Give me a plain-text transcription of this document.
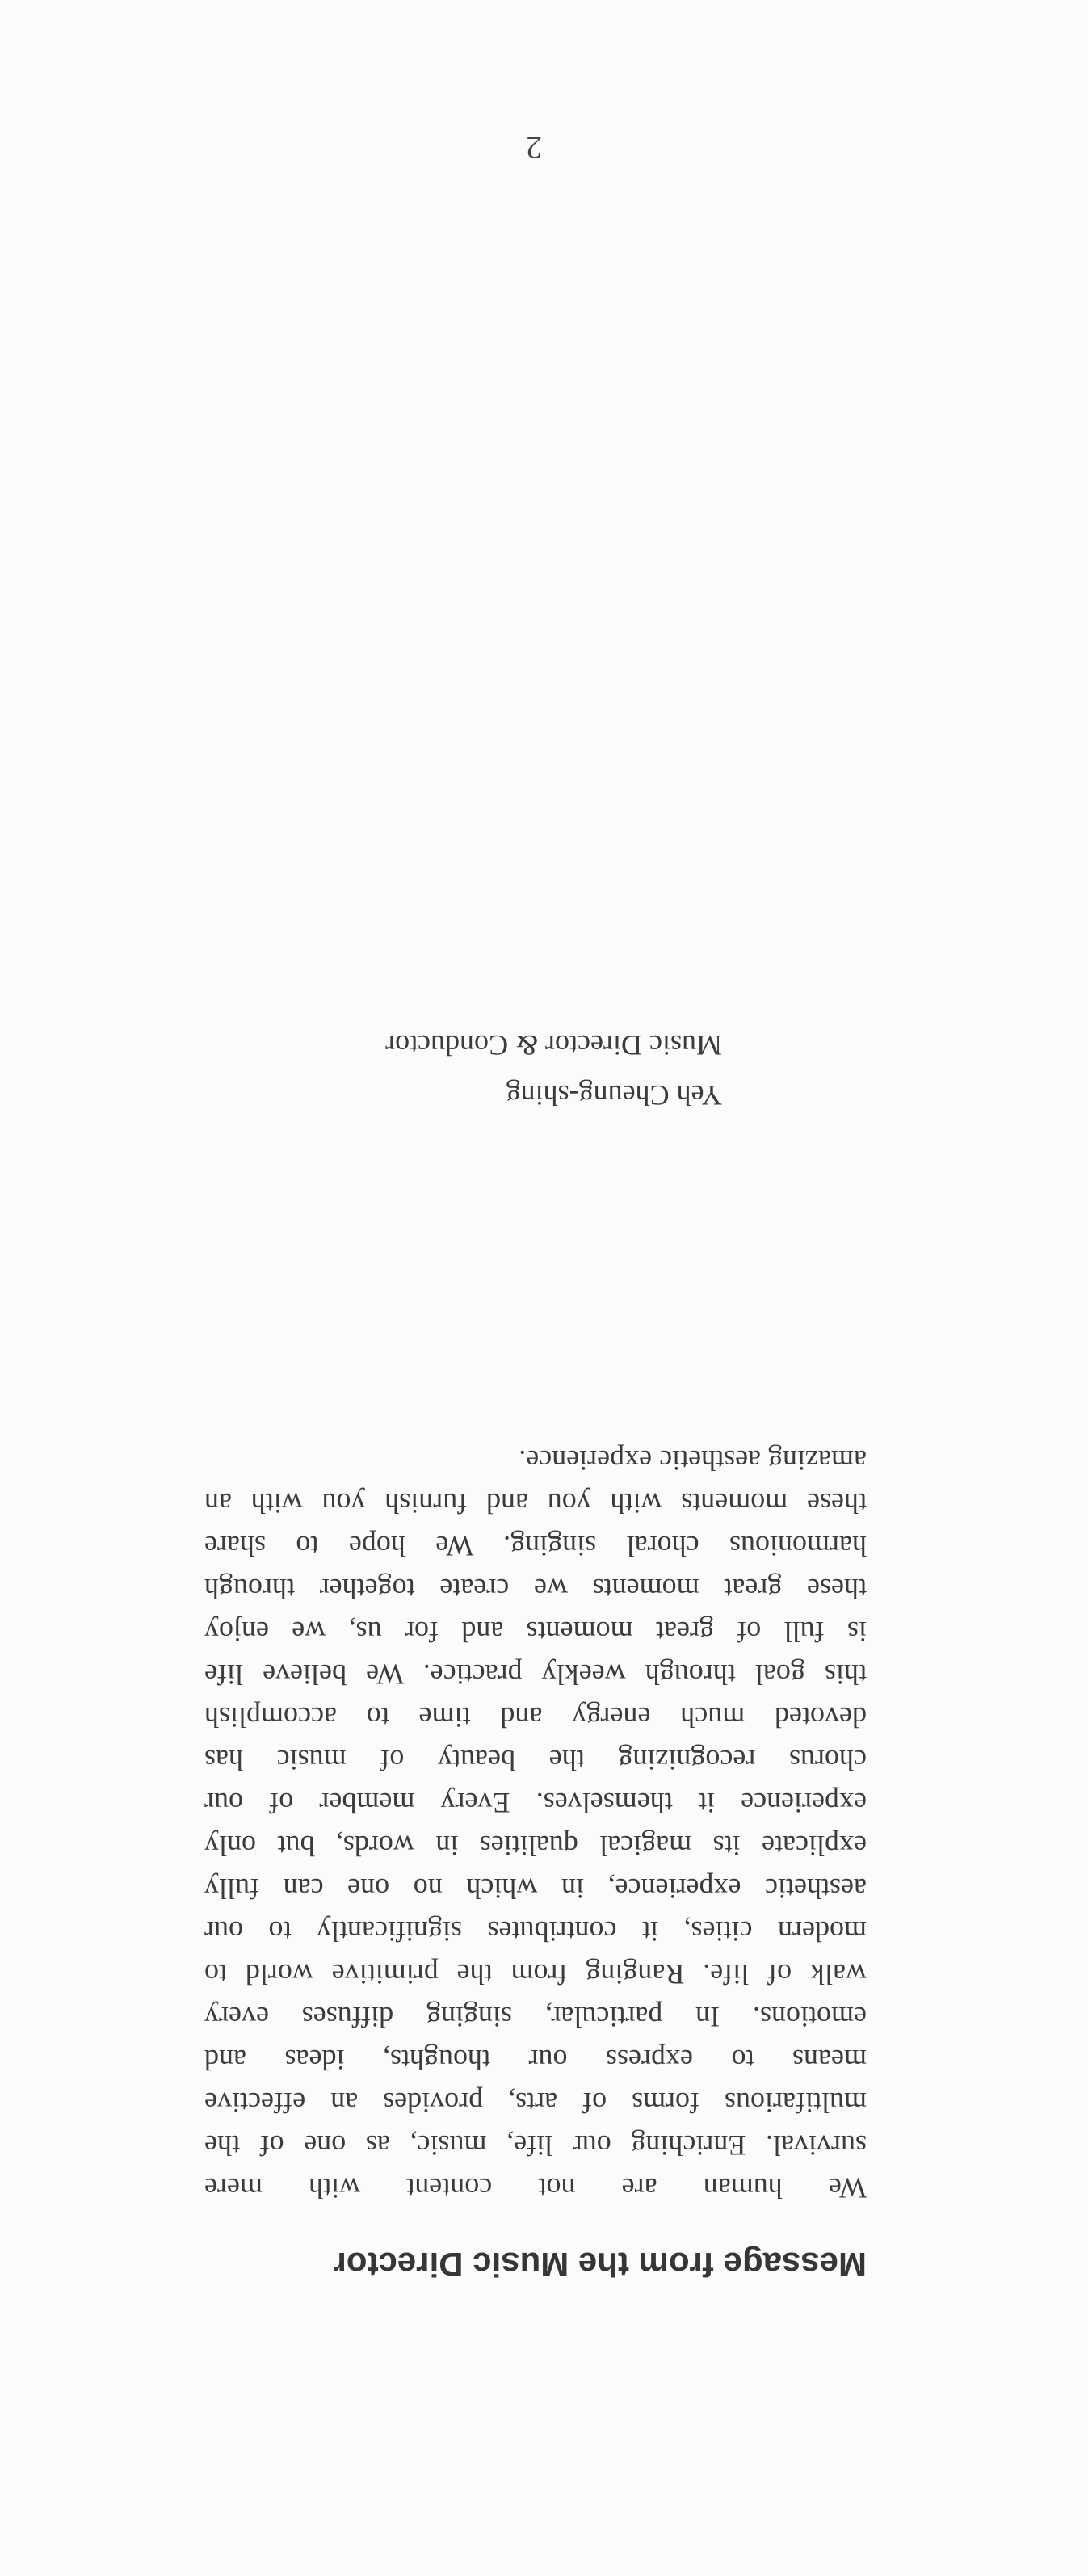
Message from the Music Director
We human are not content with mere
survival. Enriching our life, music, as one of the
multifarious forms of arts, provides an effective
means to express our thoughts, ideas and
emotions. In particular, singing diffuses every
walk of life. Ranging from the primitive world to
modern cities, it contributes significantly to our
aesthetic experience, in which no one can fully
explicate its magical qualities in words, but only
experience it themselves. Every member of our
chorus recognizing the beauty of music has
devoted much energy and time to accomplish
this goal through weekly practice. We believe life
is full of great moments and for us, we enjoy
these great moments we create together through
harmonious choral singing. We hope to share
these moments with you and furnish you with an
amazing aesthetic experience.
Yeh Cheung-shing
Music Director & Conductor
2
